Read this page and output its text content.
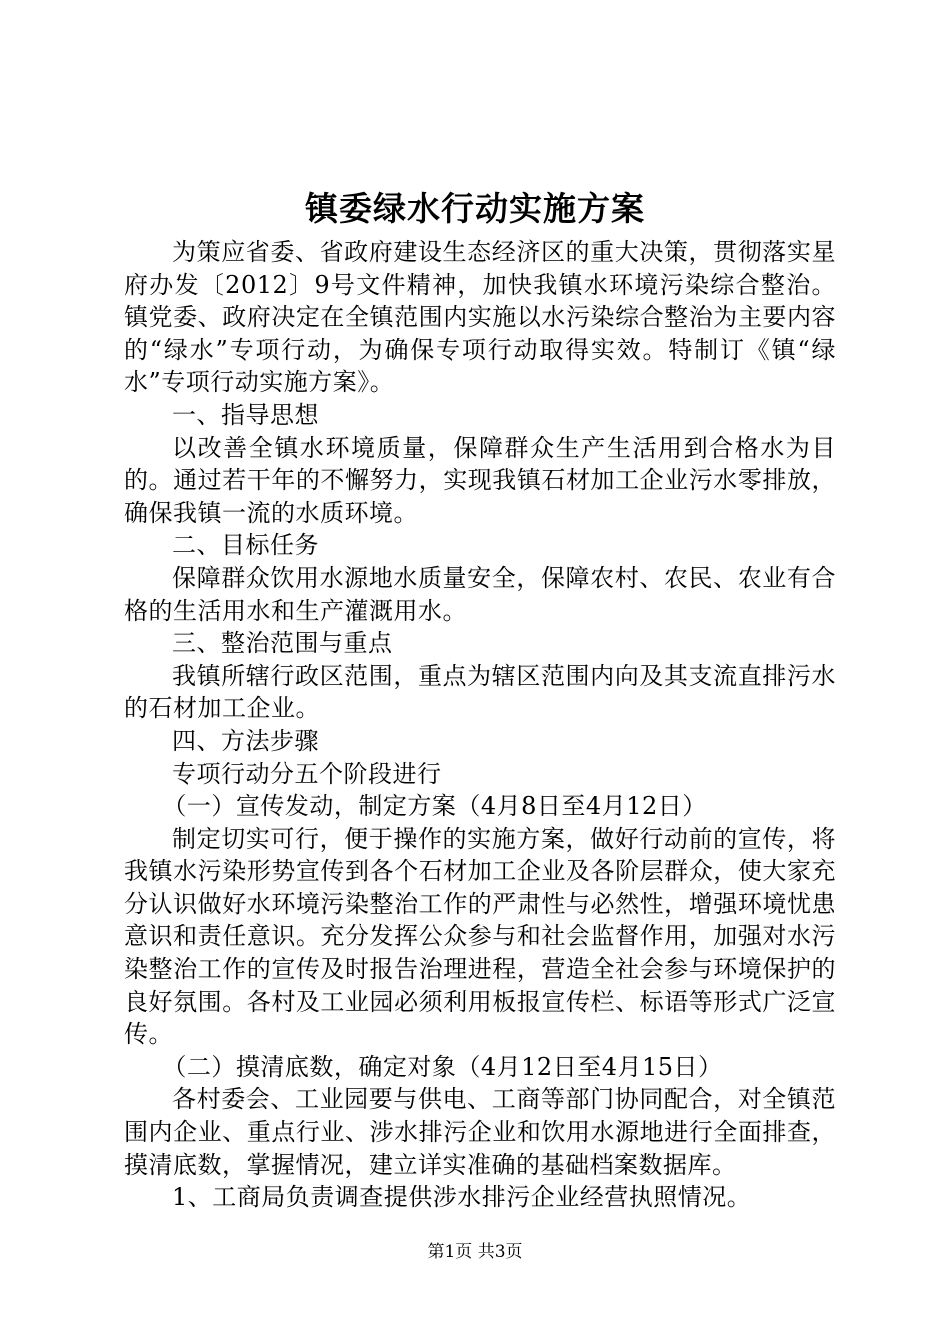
镇委绿水行动实施方案

为策应省委、省政府建设生态经济区的重大决策，贯彻落实星府办发〔2012〕9号文件精神，加快我镇水环境污染综合整治。镇党委、政府决定在全镇范围内实施以水污染综合整治为主要内容的“绿水”专项行动，为确保专项行动取得实效。特制订《镇“绿水”专项行动实施方案》。

一、指导思想

以改善全镇水环境质量，保障群众生产生活用到合格水为目的。通过若干年的不懈努力，实现我镇石材加工企业污水零排放，确保我镇一流的水质环境。

二、目标任务

保障群众饮用水源地水质量安全，保障农村、农民、农业有合格的生活用水和生产灌溉用水。

三、整治范围与重点

我镇所辖行政区范围，重点为辖区范围内向及其支流直排污水的石材加工企业。

四、方法步骤

专项行动分五个阶段进行

（一）宣传发动，制定方案（4月8日至4月12日）

制定切实可行，便于操作的实施方案，做好行动前的宣传，将我镇水污染形势宣传到各个石材加工企业及各阶层群众，使大家充分认识做好水环境污染整治工作的严肃性与必然性，增强环境忧患意识和责任意识。充分发挥公众参与和社会监督作用，加强对水污染整治工作的宣传及时报告治理进程，营造全社会参与环境保护的良好氛围。各村及工业园必须利用板报宣传栏、标语等形式广泛宣传。

（二）摸清底数，确定对象（4月12日至4月15日）

各村委会、工业园要与供电、工商等部门协同配合，对全镇范围内企业、重点行业、涉水排污企业和饮用水源地进行全面排查，摸清底数，掌握情况，建立详实准确的基础档案数据库。

1、工商局负责调查提供涉水排污企业经营执照情况。

第1页 共3页
